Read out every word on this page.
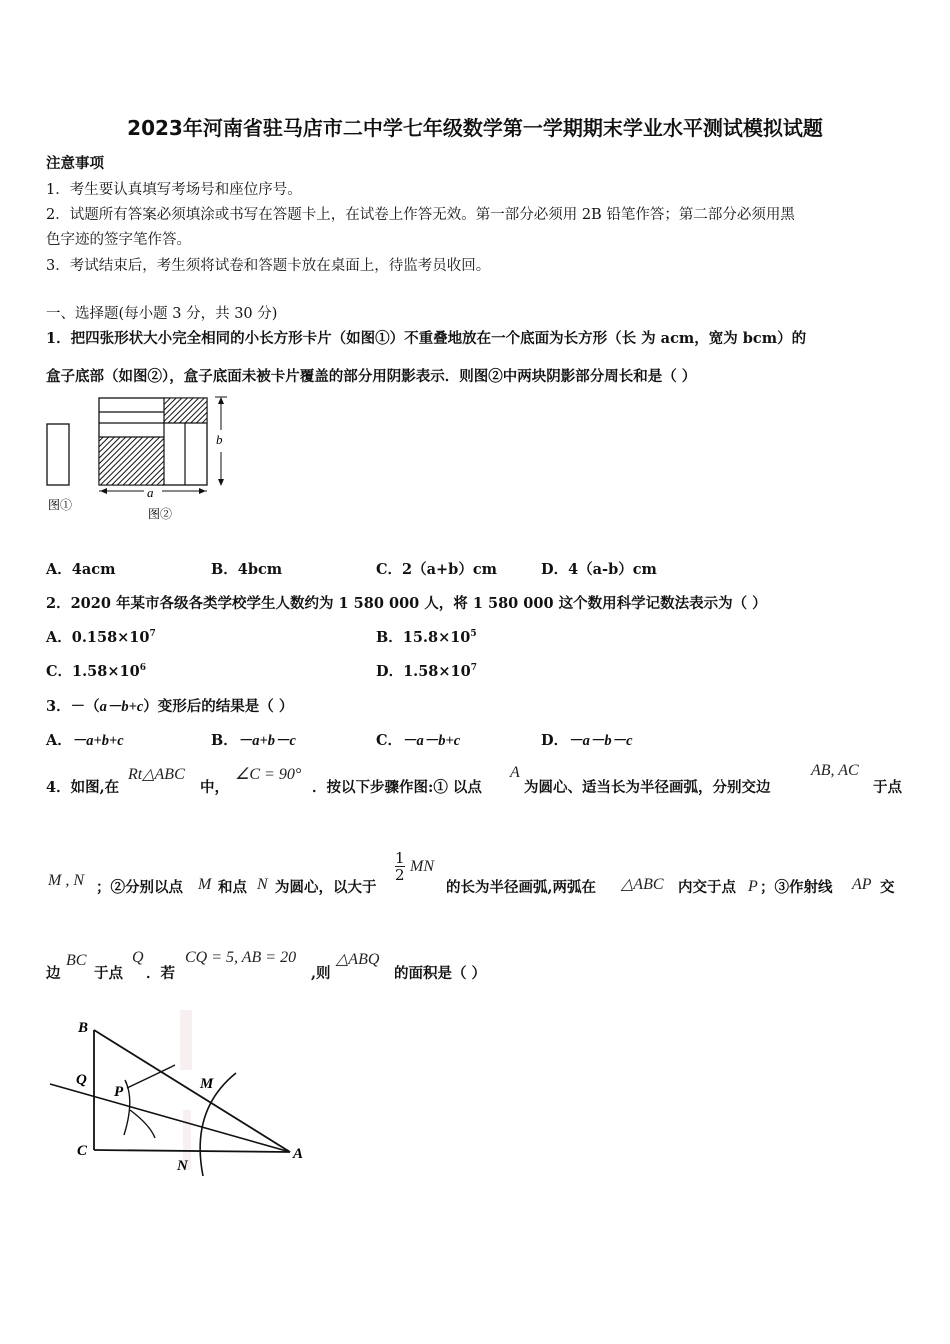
2023年河南省驻马店市二中学七年级数学第一学期期末学业水平测试模拟试题
注意事项
1．考生要认真填写考场号和座位序号。
2．试题所有答案必须填涂或书写在答题卡上，在试卷上作答无效。第一部分必须用 2B 铅笔作答；第二部分必须用黑
色字迹的签字笔作答。
3．考试结束后，考生须将试卷和答题卡放在桌面上，待监考员收回。
一、选择题(每小题 3 分，共 30 分)
1．把四张形状大小完全相同的小长方形卡片（如图①）不重叠地放在一个底面为长方形（长 为 acm，宽为 bcm）的
盒子底部（如图②），盒子底面未被卡片覆盖的部分用阴影表示．则图②中两块阴影部分周长和是（ ）
图①
b
a
图②
A．4acm	B．4bcm	C．2（a+b）cm	D．4（a-b）cm
2．2020 年某市各级各类学校学生人数约为 1 580 000 人，将 1 580 000 这个数用科学记数法表示为（ ）
A．$0.158\times 10^7$	B．$15.8\times 10^5$
C．$1.58\times 10^6$	D．$1.58\times 10^7$
3．－（a－b+c）变形后的结果是（ ）
A．－a+b+c	B．－a+b－c	C．－a－b+c	D．－a－b－c
4．如图,在
Rt△ABC
中，
∠C = 90°
．按以下步骤作图:① 以点
A
为圆心、适当长为半径画弧，分别交边
AB, AC
于点
M , N ；②分别以点 M 和点 N 为圆心，以大于
$\frac{1}{2}$ MN
的长为半径画弧,两弧在 △ABC 内交于点 P ；③作射线 AP 交
边
BC
于点
Q
．若
CQ = 5, AB = 20
,则
△ABQ
的面积是（ ）
B
Q
P	M
C
N
A
